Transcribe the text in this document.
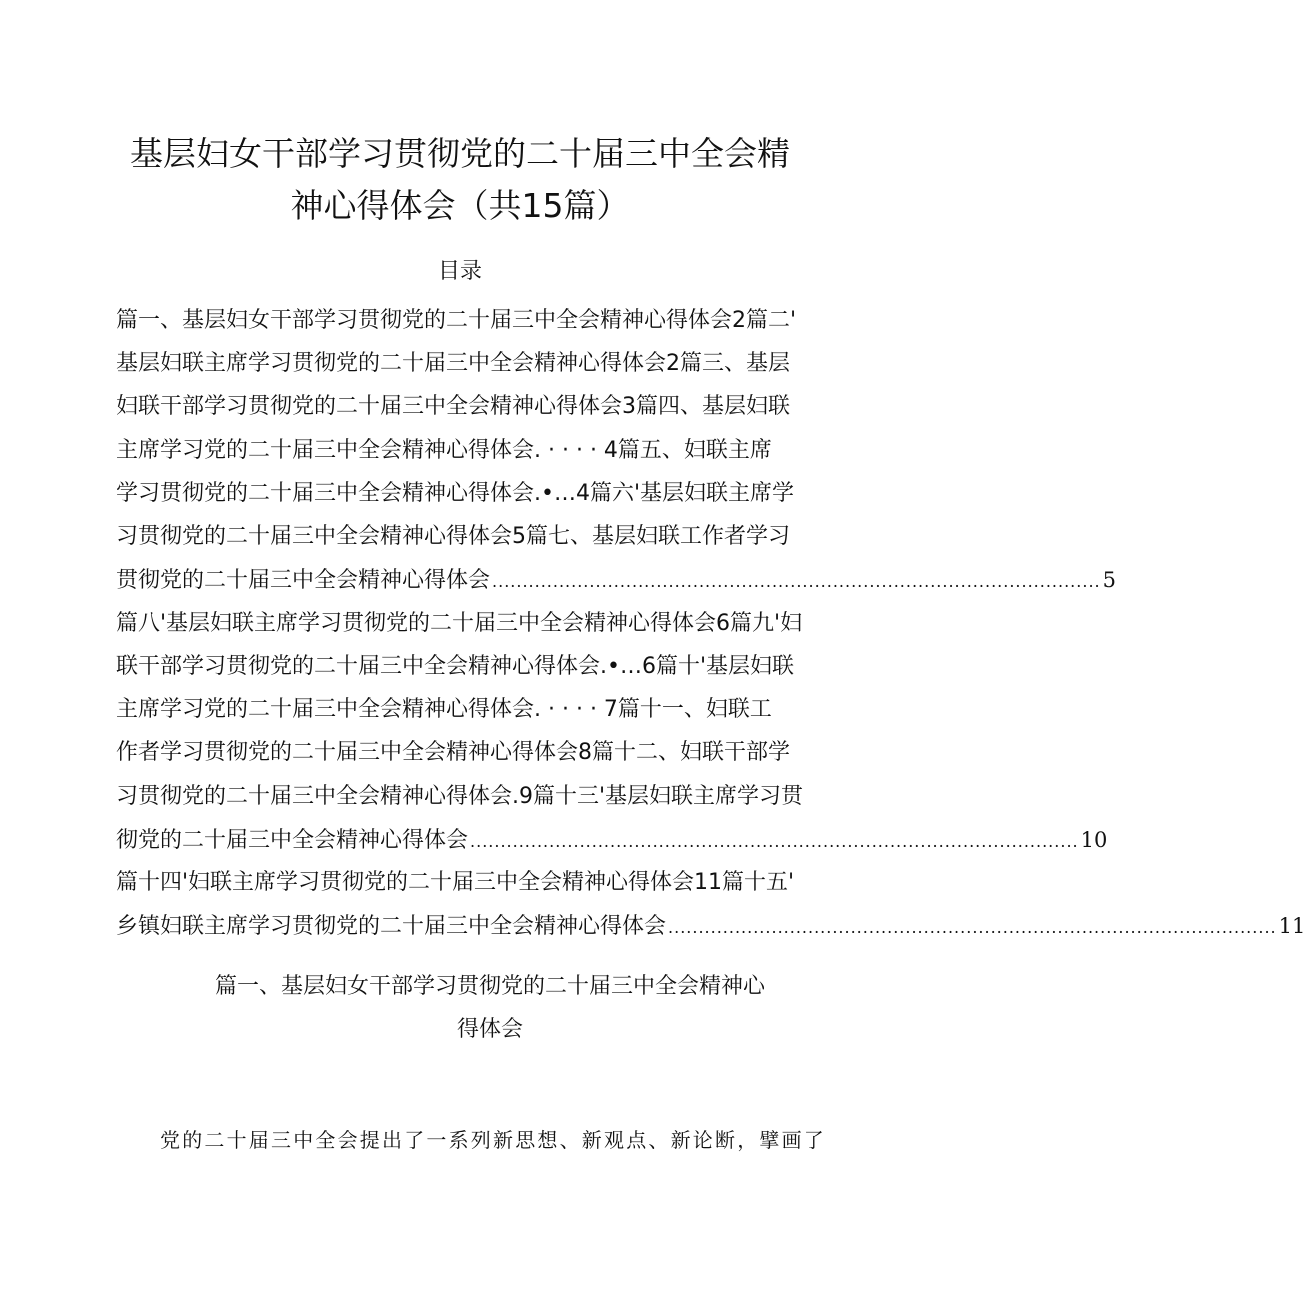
基层妇女干部学习贯彻党的二十届三中全会精
神心得体会（共15篇）
目录
篇一、基层妇女干部学习贯彻党的二十届三中全会精神心得体会2篇二'
基层妇联主席学习贯彻党的二十届三中全会精神心得体会2篇三、基层
妇联干部学习贯彻党的二十届三中全会精神心得体会3篇四、基层妇联
主席学习党的二十届三中全会精神心得体会. · · · · 4篇五、妇联主席
学习贯彻党的二十届三中全会精神心得体会.•…4篇六'基层妇联主席学
习贯彻党的二十届三中全会精神心得体会5篇七、基层妇联工作者学习
贯彻党的二十届三中全会精神心得体会 .................................................................................................... 5
篇八'基层妇联主席学习贯彻党的二十届三中全会精神心得体会6篇九'妇
联干部学习贯彻党的二十届三中全会精神心得体会.•…6篇十'基层妇联
主席学习党的二十届三中全会精神心得体会. · · · · 7篇十一、妇联工
作者学习贯彻党的二十届三中全会精神心得体会8篇十二、妇联干部学
习贯彻党的二十届三中全会精神心得体会.9篇十三'基层妇联主席学习贯
彻党的二十届三中全会精神心得体会 .................................................................................................... 10
篇十四'妇联主席学习贯彻党的二十届三中全会精神心得体会11篇十五'
乡镇妇联主席学习贯彻党的二十届三中全会精神心得体会 .................................................................................................... 11
篇一、基层妇女干部学习贯彻党的二十届三中全会精神心
得体会

党的二十届三中全会提出了一系列新思想、新观点、新论断，擘画了
